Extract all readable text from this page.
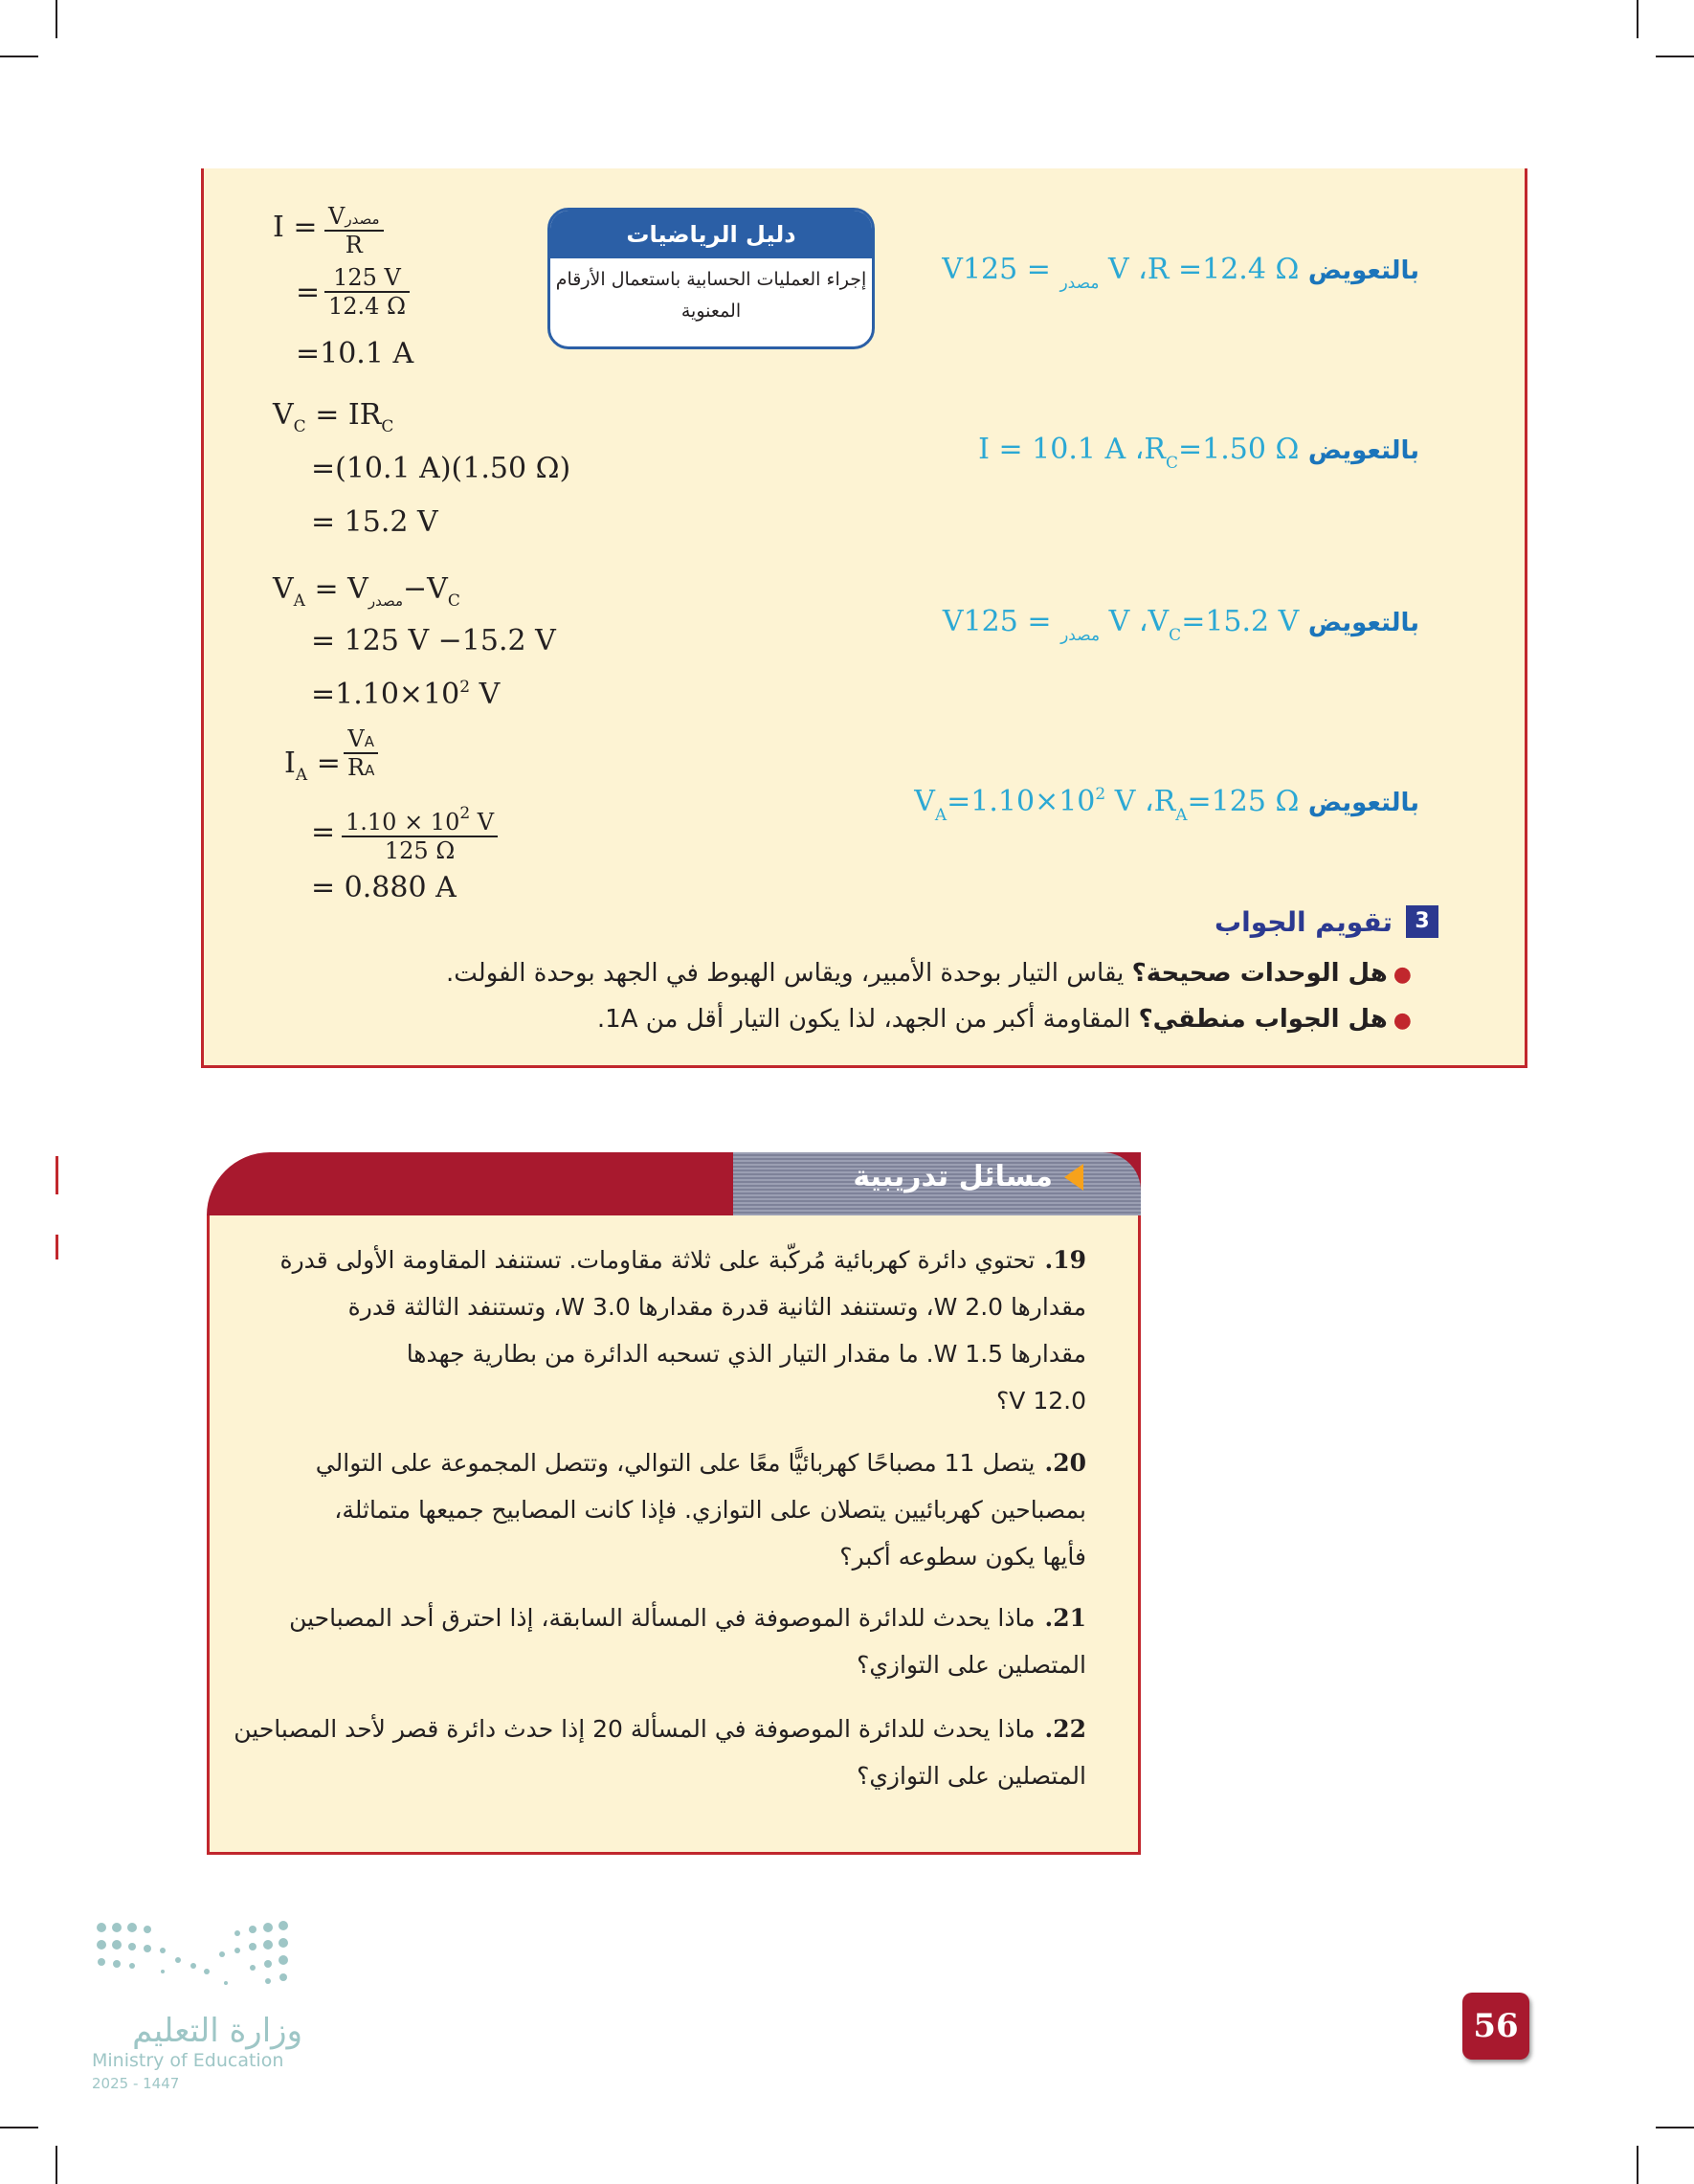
I = Vمصدر
R
= $\frac{125 V}{12.4 \Omega}$
=10.1 A
بالتعويض V	$_{مصدر}$ = 125 V ،R =12.4 Ω
$V_C = IR_C$
=(10.1 A)(1.50 Ω)
= 15.2 V
بالتعويض I = 10.1 A $،R_C=1.50$ Ω
$V_A = V_{مصدر}-V_C$
= 125 V −15.2 V
$=1.10\times 10^2$ V
بالتعويض V	$_{مصدر}$ = 125 V $،V_C=15.2$ V
$I_A = \frac{VA}{RA}$
= $\frac{1.10 \times 10^2 V}{125 \Omega}$
= 0.880 A
بالتعويض $V_A=1.10\times 10^2$ V $،R_A=125$ Ω
3
تقويم الجواب
●هل الوحدات صحيحة؟ يقاس التيار بوحدة الأمبير، ويقاس الهبوط في الجهد بوحدة الفولت.
●هل الجواب منطقي؟ المقاومة أكبر من الجهد، لذا يكون التيار أقل من 1A.
دليل الرياضيات
إجراء العمليات الحسابية باستعمال الأرقام المعنوية
مسائل تدريبية
19.تحتوي دائرة كهربائية مُركّبة على ثلاثة مقاومات. تستنفد المقاومة الأولى قدرة
مقدارها 2.0 W، وتستنفد الثانية قدرة مقدارها 3.0 W، وتستنفد الثالثة قدرة
مقدارها 1.5 W. ما مقدار التيار الذي تسحبه الدائرة من بطارية جهدها
12.0 V؟
20.يتصل 11 مصباحًا كهربائيًّا معًا على التوالي، وتتصل المجموعة على التوالي
بمصباحين كهربائيين يتصلان على التوازي. فإذا كانت المصابيح جميعها متماثلة،
فأيها يكون سطوعه أكبر؟
21.ماذا يحدث للدائرة الموصوفة في المسألة السابقة، إذا احترق أحد المصباحين
المتصلين على التوازي؟
22.ماذا يحدث للدائرة الموصوفة في المسألة 20 إذا حدث دائرة قصر لأحد المصباحين
المتصلين على التوازي؟
وزارة التعليم
Ministry of Education
2025 - 1447
56
